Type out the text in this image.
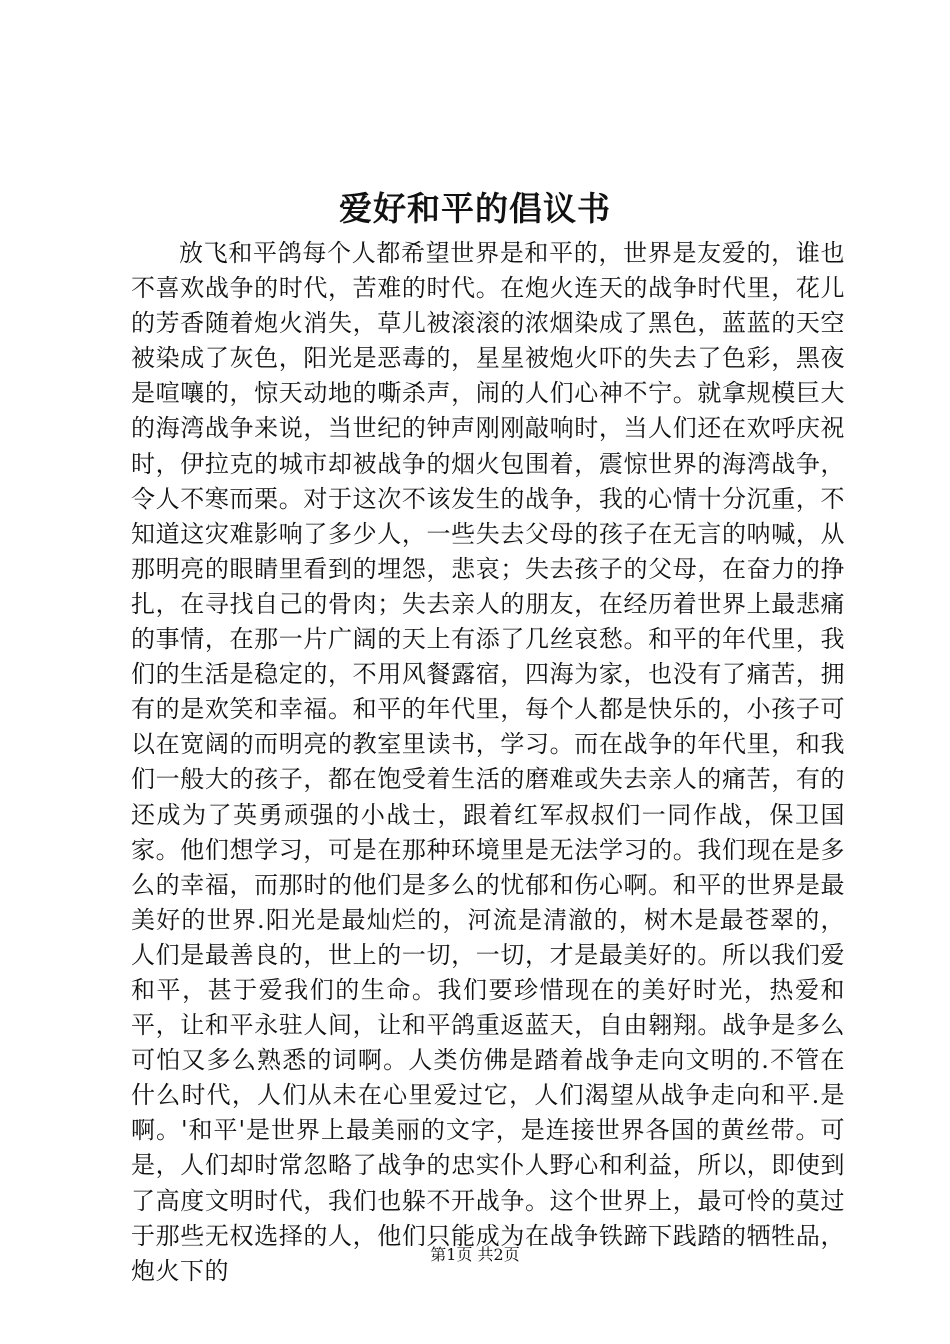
爱好和平的倡议书

放飞和平鸽每个人都希望世界是和平的，世界是友爱的，谁也不喜欢战争的时代，苦难的时代。在炮火连天的战争时代里，花儿的芳香随着炮火消失，草儿被滚滚的浓烟染成了黑色，蓝蓝的天空被染成了灰色，阳光是恶毒的，星星被炮火吓的失去了色彩，黑夜是喧嚷的，惊天动地的嘶杀声，闹的人们心神不宁。就拿规模巨大的海湾战争来说，当世纪的钟声刚刚敲响时，当人们还在欢呼庆祝时，伊拉克的城市却被战争的烟火包围着，震惊世界的海湾战争，令人不寒而栗。对于这次不该发生的战争，我的心情十分沉重，不知道这灾难影响了多少人，一些失去父母的孩子在无言的呐喊，从那明亮的眼睛里看到的埋怨，悲哀；失去孩子的父母，在奋力的挣扎，在寻找自己的骨肉；失去亲人的朋友，在经历着世界上最悲痛的事情，在那一片广阔的天上有添了几丝哀愁。和平的年代里，我们的生活是稳定的，不用风餐露宿，四海为家，也没有了痛苦，拥有的是欢笑和幸福。和平的年代里，每个人都是快乐的，小孩子可以在宽阔的而明亮的教室里读书，学习。而在战争的年代里，和我们一般大的孩子，都在饱受着生活的磨难或失去亲人的痛苦，有的还成为了英勇顽强的小战士，跟着红军叔叔们一同作战，保卫国家。他们想学习，可是在那种环境里是无法学习的。我们现在是多么的幸福，而那时的他们是多么的忧郁和伤心啊。和平的世界是最美好的世界.阳光是最灿烂的，河流是清澈的，树木是最苍翠的，人们是最善良的，世上的一切，一切，才是最美好的。所以我们爱和平，甚于爱我们的生命。我们要珍惜现在的美好时光，热爱和平，让和平永驻人间，让和平鸽重返蓝天，自由翱翔。战争是多么可怕又多么熟悉的词啊。人类仿佛是踏着战争走向文明的.不管在什么时代，人们从未在心里爱过它，人们渴望从战争走向和平.是啊。'和平'是世界上最美丽的文字，是连接世界各国的黄丝带。可是，人们却时常忽略了战争的忠实仆人野心和利益，所以，即使到了高度文明时代，我们也躲不开战争。这个世界上，最可怜的莫过于那些无权选择的人，他们只能成为在战争铁蹄下践踏的牺牲品，炮火下的

第1页 共2页
